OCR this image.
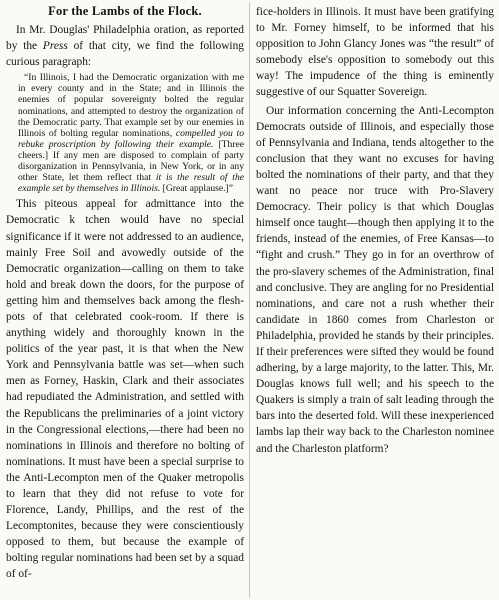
For the Lambs of the Flock.

In Mr. Douglas' Philadelphia oration, as reported by the Press of that city, we find the following curious paragraph:

“In Illinois, I had the Democratic organization with me in every county and in the State; and in Illinois the enemies of popular sovereignty bolted the regular nominations, and attempted to destroy the organization of the Democratic party. That example set by our enemies in Illinois of bolting regular nominations, compelled you to rebuke proscription by following their example. [Three cheers.] If any men are disposed to complain of party disorganization in Pennsylvania, in New York, or in any other State, let them reflect that it is the result of the example set by themselves in Illinois. [Great applause.]”

This piteous appeal for admittance into the Democratic k tchen would have no special significance if it were not addressed to an audience, mainly Free Soil and avowedly outside of the Democratic organization—calling on them to take hold and break down the doors, for the purpose of getting him and themselves back among the flesh-pots of that celebrated cook-room. If there is anything widely and thoroughly known in the politics of the year past, it is that when the New York and Pennsylvania battle was set—when such men as Forney, Haskin, Clark and their associates had repudiated the Administration, and settled with the Republicans the preliminaries of a joint victory in the Congressional elections,—there had been no nominations in Illinois and therefore no bolting of nominations. It must have been a special surprise to the Anti-Lecompton men of the Quaker metropolis to learn that they did not refuse to vote for Florence, Landy, Phillips, and the rest of the Lecomptonites, because they were conscientiously opposed to them, but because the example of bolting regular nominations had been set by a squad of of-

fice-holders in Illinois. It must have been gratifying to Mr. Forney himself, to be informed that his opposition to John Glancy Jones was “the result” of somebody else's opposition to somebody out this way! The impudence of the thing is eminently suggestive of our Squatter Sovereign.

Our information concerning the Anti-Lecompton Democrats outside of Illinois, and especially those of Pennsylvania and Indiana, tends altogether to the conclusion that they want no excuses for having bolted the nominations of their party, and that they want no peace nor truce with Pro-Slavery Democracy. Their policy is that which Douglas himself once taught—though then applying it to the friends, instead of the enemies, of Free Kansas—to “fight and crush.” They go in for an overthrow of the pro-slavery schemes of the Administration, final and conclusive. They are angling for no Presidential nominations, and care not a rush whether their candidate in 1860 comes from Charleston or Philadelphia, provided he stands by their principles. If their preferences were sifted they would be found adhering, by a large majority, to the latter. This, Mr. Douglas knows full well; and his speech to the Quakers is simply a train of salt leading through the bars into the deserted fold. Will these inexperienced lambs lap their way back to the Charleston nominee and the Charleston platform?
